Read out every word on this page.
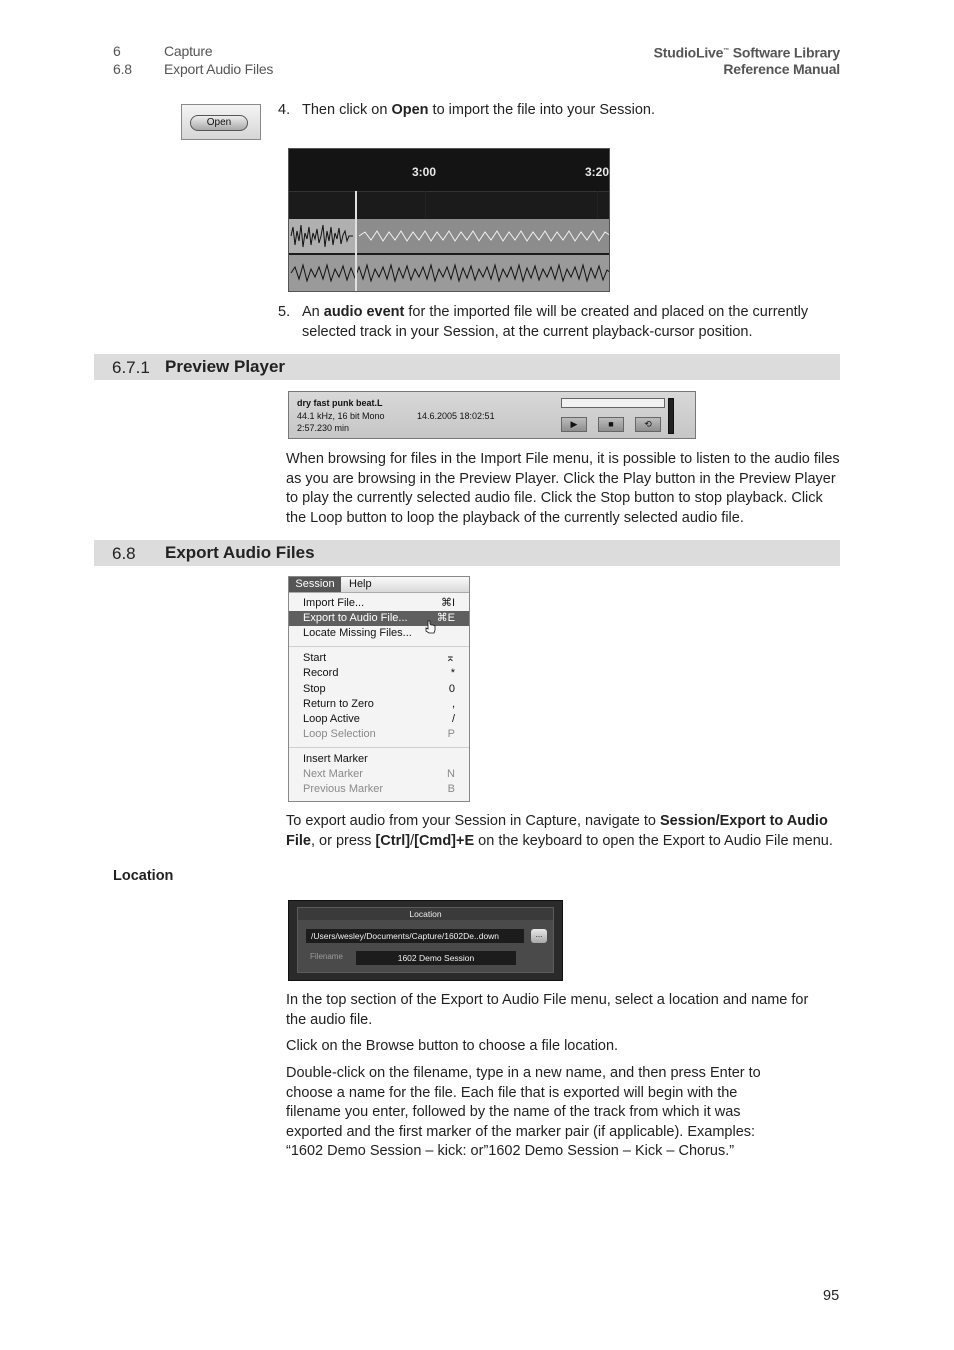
6	Capture
6.8 Export Audio Files
StudioLive™ Software Library
Reference Manual
Open
4. Then click on Open to import the file into your Session.
3:00	3:20
5. An audio event for the imported file will be created and placed on the currently selected track in your Session, at the current playback-cursor position.
6.7.1 Preview Player
dry fast punk beat.L
44.1 kHz, 16 bit Mono
2:57.230 min
14.6.2005 18:02:51
▶	■	⟲
When browsing for files in the Import File menu, it is possible to listen to the audio files as you are browsing in the Preview Player. Click the Play button in the Preview Player to play the currently selected audio file. Click the Stop button to stop playback. Click the Loop button to loop the playback of the currently selected audio file.
6.8 Export Audio Files
Session	Help
Import File...	⌘I
Export to Audio File...	⌘E
Locate Missing Files...
Start	⌅
Record	*
Stop	0
Return to Zero	,
Loop Active	/
Loop Selection	P
Insert Marker
Next Marker	N
Previous Marker	B
To export audio from your Session in Capture, navigate to Session/Export to Audio File, or press [Ctrl]/[Cmd]+E on the keyboard to open the Export to Audio File menu.
Location
Location
/Users/wesley/Documents/Capture/1602De..down	...
Filename	1602 Demo Session
In the top section of the Export to Audio File menu, select a location and name for the audio file.
Click on the Browse button to choose a file location.
Double-click on the filename, type in a new name, and then press Enter to choose a name for the file. Each file that is exported will begin with the filename you enter, followed by the name of the track from which it was exported and the first marker of the marker pair (if applicable). Examples: “1602 Demo Session – kick: or”1602 Demo Session – Kick – Chorus.”
95
